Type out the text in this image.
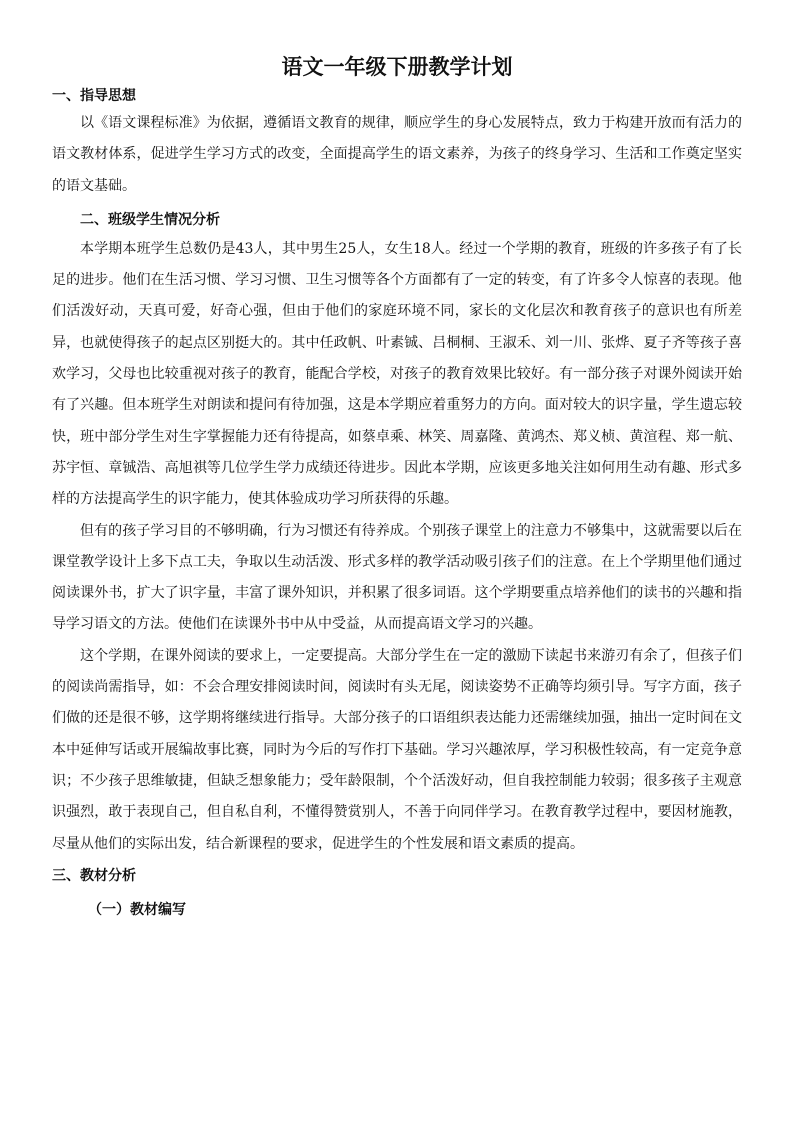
语文一年级下册教学计划
一、指导思想

以《语文课程标准》为依据，遵循语文教育的规律，顺应学生的身心发展特点，致力于构建开放而有活力的语文教材体系，促进学生学习方式的改变，全面提高学生的语文素养，为孩子的终身学习、生活和工作奠定坚实的语文基础。

二、班级学生情况分析

本学期本班学生总数仍是43人，其中男生25人，女生18人。经过一个学期的教育，班级的许多孩子有了长足的进步。他们在生活习惯、学习习惯、卫生习惯等各个方面都有了一定的转变，有了许多令人惊喜的表现。他们活泼好动，天真可爱，好奇心强，但由于他们的家庭环境不同，家长的文化层次和教育孩子的意识也有所差异，也就使得孩子的起点区别挺大的。其中任政帆、叶素铖、吕桐桐、王淑禾、刘一川、张烨、夏子齐等孩子喜欢学习，父母也比较重视对孩子的教育，能配合学校，对孩子的教育效果比较好。有一部分孩子对课外阅读开始有了兴趣。但本班学生对朗读和提问有待加强，这是本学期应着重努力的方向。面对较大的识字量，学生遗忘较快，班中部分学生对生字掌握能力还有待提高，如蔡卓乘、林笑、周嘉隆、黄鸿杰、郑义桢、黄渲程、郑一航、苏宇恒、章铖浩、高旭祺等几位学生学力成绩还待进步。因此本学期，应该更多地关注如何用生动有趣、形式多样的方法提高学生的识字能力，使其体验成功学习所获得的乐趣。

但有的孩子学习目的不够明确，行为习惯还有待养成。个别孩子课堂上的注意力不够集中，这就需要以后在课堂教学设计上多下点工夫，争取以生动活泼、形式多样的教学活动吸引孩子们的注意。在上个学期里他们通过阅读课外书，扩大了识字量，丰富了课外知识，并积累了很多词语。这个学期要重点培养他们的读书的兴趣和指导学习语文的方法。使他们在读课外书中从中受益，从而提高语文学习的兴趣。

这个学期，在课外阅读的要求上，一定要提高。大部分学生在一定的激励下读起书来游刃有余了，但孩子们的阅读尚需指导，如：不会合理安排阅读时间，阅读时有头无尾，阅读姿势不正确等均须引导。写字方面，孩子们做的还是很不够，这学期将继续进行指导。大部分孩子的口语组织表达能力还需继续加强，抽出一定时间在文本中延伸写话或开展编故事比赛，同时为今后的写作打下基础。学习兴趣浓厚，学习积极性较高，有一定竞争意识；不少孩子思维敏捷，但缺乏想象能力；受年龄限制，个个活泼好动，但自我控制能力较弱；很多孩子主观意识强烈，敢于表现自己，但自私自利，不懂得赞赏别人，不善于向同伴学习。在教育教学过程中，要因材施教，尽量从他们的实际出发，结合新课程的要求，促进学生的个性发展和语文素质的提高。

三、教材分析
（一）教材编写
